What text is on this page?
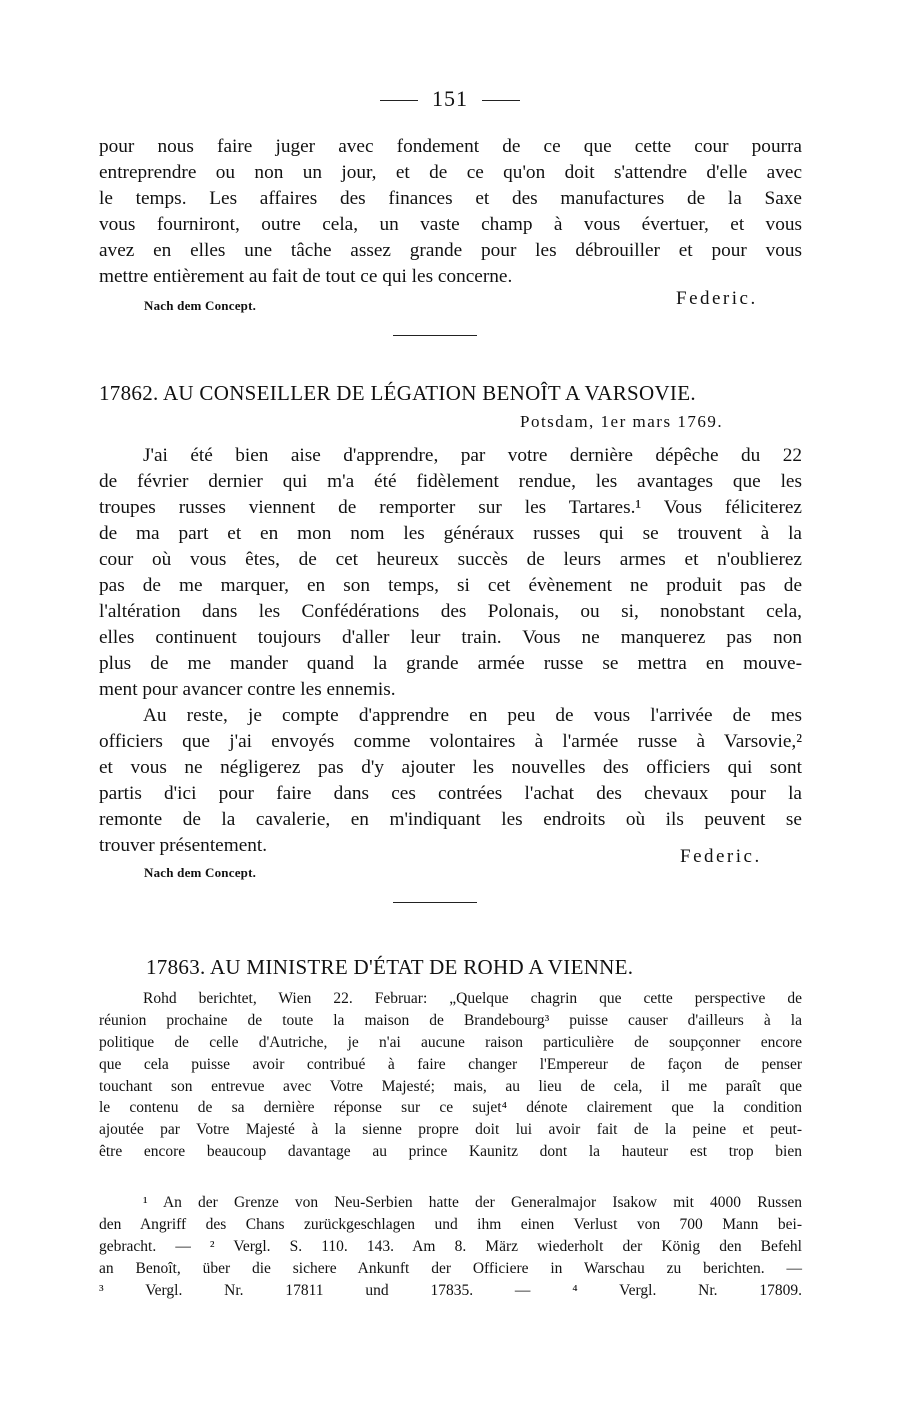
151
pour nous faire juger avec fondement de ce que cette cour pourra
entreprendre ou non un jour, et de ce qu'on doit s'attendre d'elle avec
le temps. Les affaires des finances et des manufactures de la Saxe
vous fourniront, outre cela, un vaste champ à vous évertuer, et vous
avez en elles une tâche assez grande pour les débrouiller et pour vous
mettre entièrement au fait de tout ce qui les concerne.
Nach dem Concept.	Federic.
17862. AU CONSEILLER DE LÉGATION BENOÎT A VARSOVIE.
Potsdam, 1er mars 1769.
J'ai été bien aise d'apprendre, par votre dernière dépêche du 22
de février dernier qui m'a été fidèlement rendue, les avantages que les
troupes russes viennent de remporter sur les Tartares.¹ Vous féliciterez
de ma part et en mon nom les généraux russes qui se trouvent à la
cour où vous êtes, de cet heureux succès de leurs armes et n'oublierez
pas de me marquer, en son temps, si cet évènement ne produit pas de
l'altération dans les Confédérations des Polonais, ou si, nonobstant cela,
elles continuent toujours d'aller leur train. Vous ne manquerez pas non
plus de me mander quand la grande armée russe se mettra en mouve-
ment pour avancer contre les ennemis.
Au reste, je compte d'apprendre en peu de vous l'arrivée de mes
officiers que j'ai envoyés comme volontaires à l'armée russe à Varsovie,²
et vous ne négligerez pas d'y ajouter les nouvelles des officiers qui sont
partis d'ici pour faire dans ces contrées l'achat des chevaux pour la
remonte de la cavalerie, en m'indiquant les endroits où ils peuvent se
trouver présentement.
Nach dem Concept.
Federic.
17863. AU MINISTRE D'ÉTAT DE ROHD A VIENNE.
Rohd berichtet, Wien 22. Februar: „Quelque chagrin que cette perspective de
réunion prochaine de toute la maison de Brandebourg³ puisse causer d'ailleurs à la
politique de celle d'Autriche, je n'ai aucune raison particulière de soupçonner encore
que cela puisse avoir contribué à faire changer l'Empereur de façon de penser
touchant son entrevue avec Votre Majesté; mais, au lieu de cela, il me paraît que
le contenu de sa dernière réponse sur ce sujet⁴ dénote clairement que la condition
ajoutée par Votre Majesté à la sienne propre doit lui avoir fait de la peine et peut-
être encore beaucoup davantage au prince Kaunitz dont la hauteur est trop bien
¹ An der Grenze von Neu-Serbien hatte der Generalmajor Isakow mit 4000 Russen
den Angriff des Chans zurückgeschlagen und ihm einen Verlust von 700 Mann bei-
gebracht. — ² Vergl. S. 110. 143. Am 8. März wiederholt der König den Befehl
an Benoît, über die sichere Ankunft der Officiere in Warschau zu berichten. —
³ Vergl. Nr. 17811 und 17835. — ⁴ Vergl. Nr. 17809.
